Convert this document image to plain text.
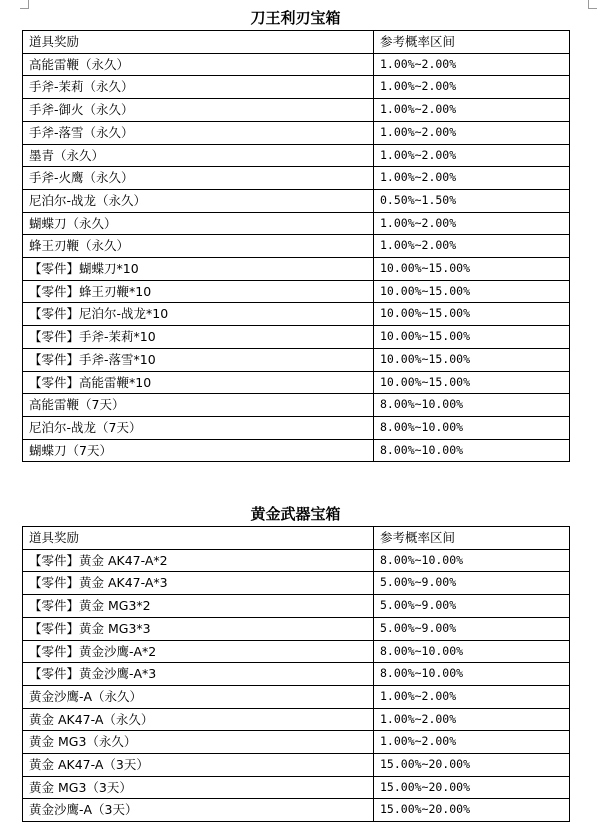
刀王利刃宝箱
道具奖励	参考概率区间
高能雷鞭（永久）	1.00%~2.00%
手斧-茉莉（永久）	1.00%~2.00%
手斧-御火（永久）	1.00%~2.00%
手斧-落雪（永久）	1.00%~2.00%
墨青（永久）	1.00%~2.00%
手斧-火鹰（永久）	1.00%~2.00%
尼泊尔-战龙（永久）	0.50%~1.50%
蝴蝶刀（永久）	1.00%~2.00%
蜂王刃鞭（永久）	1.00%~2.00%
【零件】蝴蝶刀*10	10.00%~15.00%
【零件】蜂王刃鞭*10	10.00%~15.00%
【零件】尼泊尔-战龙*10	10.00%~15.00%
【零件】手斧-茉莉*10	10.00%~15.00%
【零件】手斧-落雪*10	10.00%~15.00%
【零件】高能雷鞭*10	10.00%~15.00%
高能雷鞭（7天）	8.00%~10.00%
尼泊尔-战龙（7天）	8.00%~10.00%
蝴蝶刀（7天）	8.00%~10.00%
黄金武器宝箱
道具奖励	参考概率区间
【零件】黄金 AK47-A*2	8.00%~10.00%
【零件】黄金 AK47-A*3	5.00%~9.00%
【零件】黄金 MG3*2	5.00%~9.00%
【零件】黄金 MG3*3	5.00%~9.00%
【零件】黄金沙鹰-A*2	8.00%~10.00%
【零件】黄金沙鹰-A*3	8.00%~10.00%
黄金沙鹰-A（永久）	1.00%~2.00%
黄金 AK47-A（永久）	1.00%~2.00%
黄金 MG3（永久）	1.00%~2.00%
黄金 AK47-A（3天）	15.00%~20.00%
黄金 MG3（3天）	15.00%~20.00%
黄金沙鹰-A（3天）	15.00%~20.00%
